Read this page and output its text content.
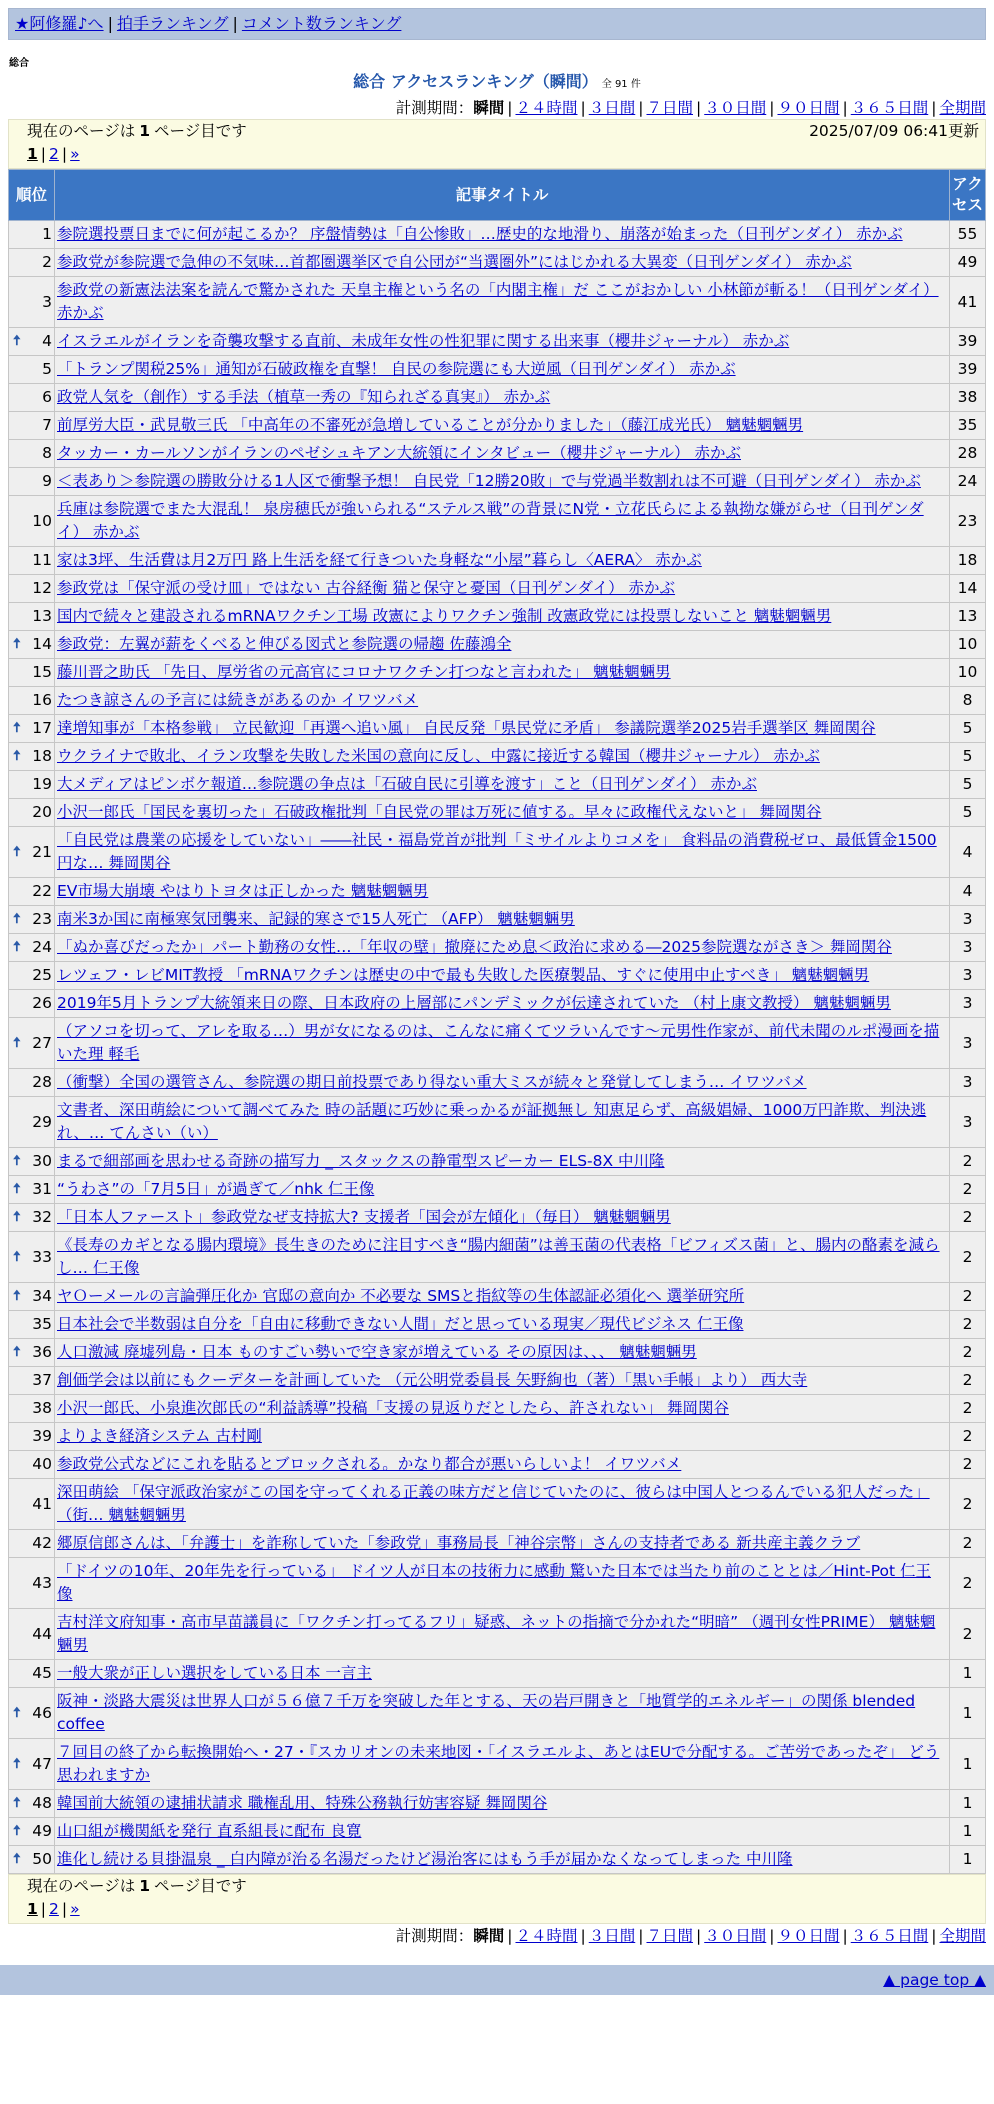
★阿修羅♪へ | 拍手ランキング | コメント数ランキング
総合
総合 アクセスランキング（瞬間） 全 91 件
計測期間：瞬間 | ２４時間 | ３日間 | ７日間 | ３０日間 | ９０日間 | ３６５日間 | 全期間
現在のページは 1 ページ目です	2025/07/09 06:41更新
1 | 2 | »
順位	記事タイトル	アクセス
1	参院選投票日までに何が起こるか？ 序盤情勢は「自公惨敗」…歴史的な地滑り、崩落が始まった（日刊ゲンダイ） 赤かぶ	55
2	参政党が参院選で急伸の不気味…首都圏選挙区で自公団が“当選圏外”にはじかれる大異変（日刊ゲンダイ） 赤かぶ	49
3	参政党の新憲法法案を読んで驚かされた 天皇主権という名の「内閣主権」だ ここがおかしい 小林節が斬る！（日刊ゲンダイ） 赤かぶ	41

🠅 4	イスラエルがイランを奇襲攻撃する直前、未成年女性の性犯罪に関する出来事（櫻井ジャーナル） 赤かぶ	39
5	「トランプ関税25%」通知が石破政権を直撃！ 自民の参院選にも大逆風（日刊ゲンダイ） 赤かぶ	39
6	政党人気を（創作）する手法（植草一秀の『知られざる真実』） 赤かぶ	38
7	前厚労大臣・武見敬三氏 「中高年の不審死が急増していることが分かりました」（藤江成光氏） 魑魅魍魎男	35
8	タッカー・カールソンがイランのペゼシュキアン大統領にインタビュー（櫻井ジャーナル） 赤かぶ	28
9	＜表あり＞参院選の勝敗分ける1人区で衝撃予想！ 自民党「12勝20敗」で与党過半数割れは不可避（日刊ゲンダイ） 赤かぶ	24
10	兵庫は参院選でまた大混乱！ 泉房穂氏が強いられる“ステルス戦”の背景にN党・立花氏らによる執拗な嫌がらせ（日刊ゲンダイ） 赤かぶ	23
11	家は3坪、生活費は月2万円 路上生活を経て行きついた身軽な“小屋”暮らし〈AERA〉 赤かぶ	18
12	参政党は「保守派の受け皿」ではない 古谷経衡 猫と保守と憂国（日刊ゲンダイ） 赤かぶ	14
13	国内で続々と建設されるmRNAワクチン工場 改憲によりワクチン強制 改憲政党には投票しないこと 魑魅魍魎男	13

🠅 14	参政党：左翼が薪をくべると伸びる図式と参院選の帰趨 佐藤鴻全	10
15	藤川晋之助氏 「先日、厚労省の元高官にコロナワクチン打つなと言われた」 魑魅魍魎男	10
16	たつき諒さんの予言には続きがあるのか イワツバメ	8

🠅 17	達増知事が「本格参戦」 立民歓迎「再選へ追い風」 自民反発「県民党に矛盾」 参議院選挙2025岩手選挙区 舞岡関谷	5

🠅 18	ウクライナで敗北、イラン攻撃を失敗した米国の意向に反し、中露に接近する韓国（櫻井ジャーナル） 赤かぶ	5
19	大メディアはピンボケ報道…参院選の争点は「石破自民に引導を渡す」こと（日刊ゲンダイ） 赤かぶ	5
20	小沢一郎氏「国民を裏切った」石破政権批判「自民党の罪は万死に値する。早々に政権代えないと」 舞岡関谷	5

🠅 21	「自民党は農業の応援をしていない」――社民・福島党首が批判「ミサイルよりコメを」 食料品の消費税ゼロ、最低賃金1500円な… 舞岡関谷	4
22	EV市場大崩壊 やはりトヨタは正しかった 魑魅魍魎男	4

🠅 23	南米3か国に南極寒気団襲来、記録的寒さで15人死亡 （AFP） 魑魅魍魎男	3

🠅 24	「ぬか喜びだったか」パート勤務の女性…「年収の壁」撤廃にため息＜政治に求める―2025参院選ながさき＞ 舞岡関谷	3
25	レツェフ・レビMIT教授 「mRNAワクチンは歴史の中で最も失敗した医療製品、すぐに使用中止すべき」 魑魅魍魎男	3
26	2019年5月トランプ大統領来日の際、日本政府の上層部にパンデミックが伝達されていた （村上康文教授） 魑魅魍魎男	3

🠅 27	（アソコを切って、アレを取る…）男が女になるのは、こんなに痛くてツラいんです〜元男性作家が、前代未聞のルポ漫画を描いた理 軽毛	3
28	（衝撃）全国の選管さん、参院選の期日前投票であり得ない重大ミスが続々と発覚してしまう… イワツバメ	3
29	文書者、深田萌絵について調べてみた 時の話題に巧妙に乗っかるが証拠無し 知恵足らず、高級娼婦、1000万円詐欺、判決逃れ、… てんさい（い）	3

🠅 30	まるで細部画を思わせる奇跡の描写力 _ スタックスの静電型スピーカー ELS-8X 中川隆	2

🠅 31	“うわさ”の「7月5日」が過ぎて／nhk 仁王像	2

🠅 32	「日本人ファースト」参政党なぜ支持拡大? 支援者「国会が左傾化」（毎日） 魑魅魍魎男	2

🠅 33	《長寿のカギとなる腸内環境》長生きのために注目すべき“腸内細菌”は善玉菌の代表格「ビフィズス菌」と、腸内の酪素を減らし… 仁王像	2

🠅 34	ヤＯーメールの言論弾圧化か 官邸の意向か 不必要な SMSと指紋等の生体認証必須化へ 選挙研究所	2
35	日本社会で半数弱は自分を「自由に移動できない人間」だと思っている現実／現代ビジネス 仁王像	2

🠅 36	人口激減 廃墟列島・日本 ものすごい勢いで空き家が増えている その原因は、、、 魑魅魍魎男	2
37	創価学会は以前にもクーデターを計画していた （元公明党委員長 矢野絢也（著）「黒い手帳」より） 西大寺	2
38	小沢一郎氏、小泉進次郎氏の“利益誘導”投稿「支援の見返りだとしたら、許されない」 舞岡関谷	2
39	よりよき経済システム 古村剛	2
40	参政党公式などにこれを貼るとブロックされる。かなり都合が悪いらしいよ！ イワツバメ	2
41	深田萌絵 「保守派政治家がこの国を守ってくれる正義の味方だと信じていたのに、彼らは中国人とつるんでいる犯人だった」（街… 魑魅魍魎男	2
42	郷原信郎さんは、「弁護士」を詐称していた「参政党」事務局長「神谷宗幣」さんの支持者である 新共産主義クラブ	2
43	「ドイツの10年、20年先を行っている」 ドイツ人が日本の技術力に感動 驚いた日本では当たり前のこととは／Hint-Pot 仁王像	2
44	吉村洋文府知事・高市早苗議員に「ワクチン打ってるフリ」疑惑、ネットの指摘で分かれた“明暗” （週刊女性PRIME） 魑魅魍魎男	2
45	一般大衆が正しい選択をしている日本 一言主	1

🠅 46	阪神・淡路大震災は世界人口が５６億７千万を突破した年とする、天の岩戸開きと「地質学的エネルギー」の関係 blended coffee	1

🠅 47	７回目の終了から転換開始へ・27・『スカリオンの未来地図・「イスラエルよ、あとはEUで分配する。ご苦労であったぞ」 どう思われますか	1

🠅 48	韓国前大統領の逮捕状請求 職権乱用、特殊公務執行妨害容疑 舞岡関谷	1

🠅 49	山口組が機関紙を発行 直系組長に配布 良寛	1

🠅 50	進化し続ける貝掛温泉 _ 白内障が治る名湯だったけど湯治客にはもう手が届かなくなってしまった 中川隆	1
現在のページは 1 ページ目です
1 | 2 | »
計測期間：瞬間 | ２４時間 | ３日間 | ７日間 | ３０日間 | ９０日間 | ３６５日間 | 全期間
▲ page top ▲
